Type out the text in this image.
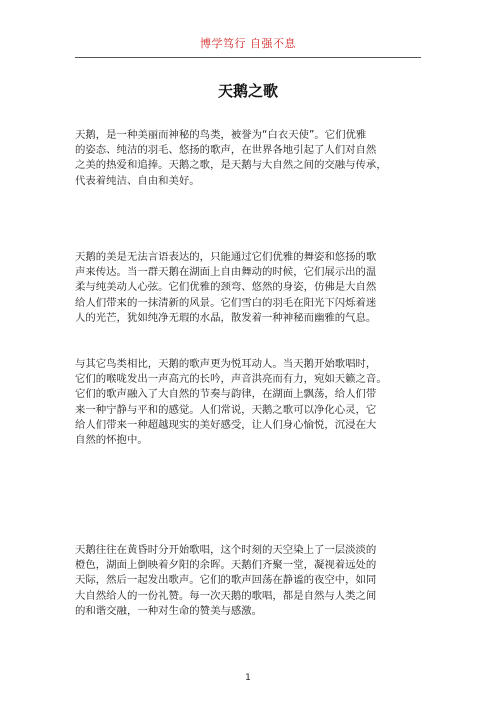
博学笃行 自强不息
天鹅之歌
天鹅，是一种美丽而神秘的鸟类，被誉为“白衣天使”。它们优雅
的姿态、纯洁的羽毛、悠扬的歌声，在世界各地引起了人们对自然
之美的热爱和追捧。天鹅之歌，是天鹅与大自然之间的交融与传承，
代表着纯洁、自由和美好。
天鹅的美是无法言语表达的，只能通过它们优雅的舞姿和悠扬的歌
声来传达。当一群天鹅在湖面上自由舞动的时候，它们展示出的温
柔与纯美动人心弦。它们优雅的颈弯、悠然的身姿，仿佛是大自然
给人们带来的一抹清新的风景。它们雪白的羽毛在阳光下闪烁着迷
人的光芒，犹如纯净无瑕的水晶，散发着一种神秘而幽雅的气息。
与其它鸟类相比，天鹅的歌声更为悦耳动人。当天鹅开始歌唱时，
它们的喉咙发出一声高亢的长吟，声音洪亮而有力，宛如天籁之音。
它们的歌声融入了大自然的节奏与韵律，在湖面上飘荡，给人们带
来一种宁静与平和的感觉。人们常说，天鹅之歌可以净化心灵，它
给人们带来一种超越现实的美好感受，让人们身心愉悦，沉浸在大
自然的怀抱中。
天鹅往往在黄昏时分开始歌唱，这个时刻的天空染上了一层淡淡的
橙色，湖面上倒映着夕阳的余晖。天鹅们齐聚一堂，凝视着远处的
天际，然后一起发出歌声。它们的歌声回荡在静谧的夜空中，如同
大自然给人的一份礼赞。每一次天鹅的歌唱，都是自然与人类之间
的和谐交融，一种对生命的赞美与感激。
1
